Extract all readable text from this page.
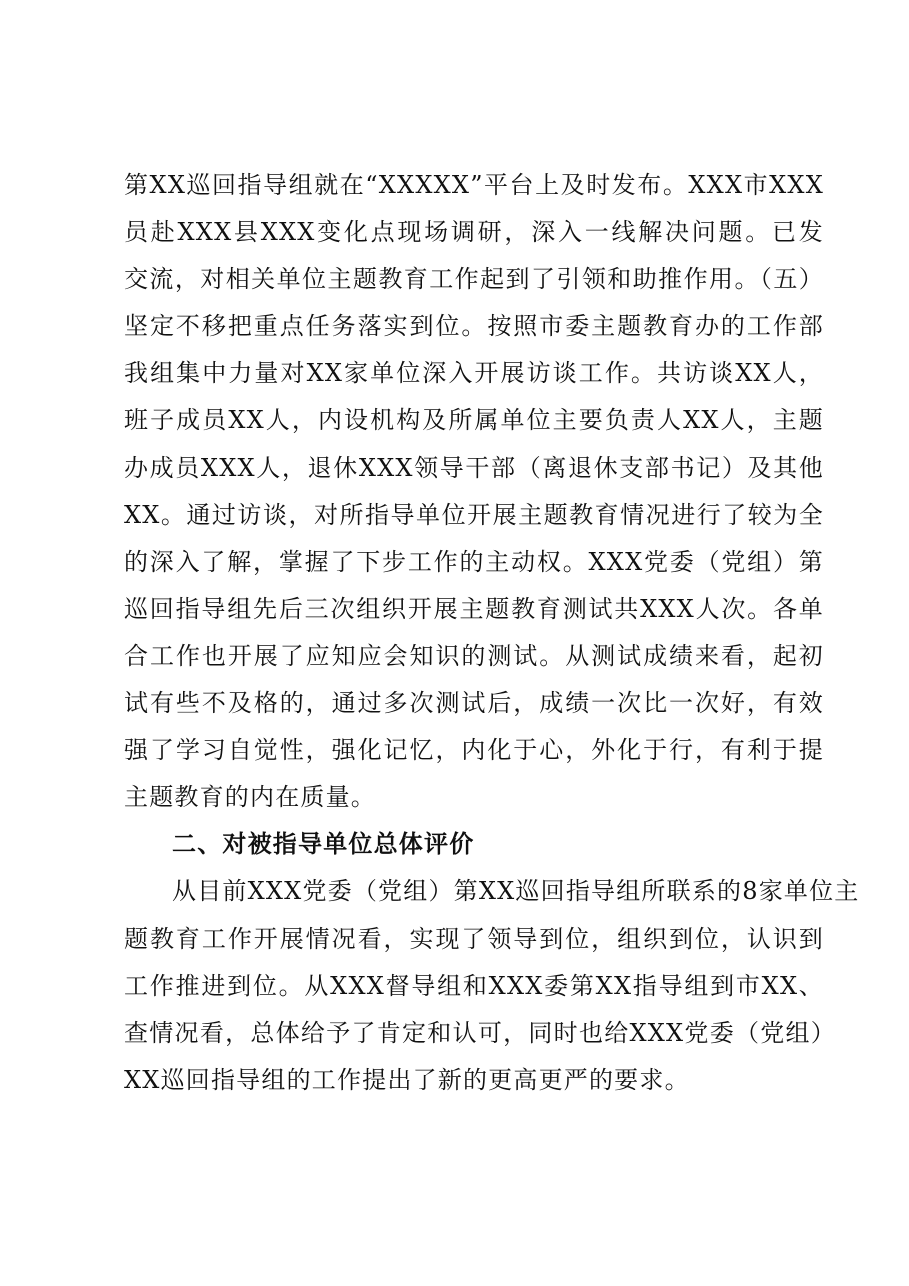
第XX巡回指导组就在“XXXXX”平台上及时发布。XXX市XXX
员赴XXX县XXX变化点现场调研，深入一线解决问题。已发
交流，对相关单位主题教育工作起到了引领和助推作用。（五）
坚定不移把重点任务落实到位。按照市委主题教育办的工作部
我组集中力量对XX家单位深入开展访谈工作。共访谈XX人，
班子成员XX人，内设机构及所属单位主要负责人XX人，主题
办成员XXX人，退休XXX领导干部（离退休支部书记）及其他
XX。通过访谈，对所指导单位开展主题教育情况进行了较为全
的深入了解，掌握了下步工作的主动权。XXX党委（党组）第
巡回指导组先后三次组织开展主题教育测试共XXX人次。各单
合工作也开展了应知应会知识的测试。从测试成绩来看，起初
试有些不及格的，通过多次测试后，成绩一次比一次好，有效
强了学习自觉性，强化记忆，内化于心，外化于行，有利于提
主题教育的内在质量。
二、对被指导单位总体评价
从目前XXX党委（党组）第XX巡回指导组所联系的8家单位主
题教育工作开展情况看，实现了领导到位，组织到位，认识到
工作推进到位。从XXX督导组和XXX委第XX指导组到市XX、
查情况看，总体给予了肯定和认可，同时也给XXX党委（党组）
XX巡回指导组的工作提出了新的更高更严的要求。
